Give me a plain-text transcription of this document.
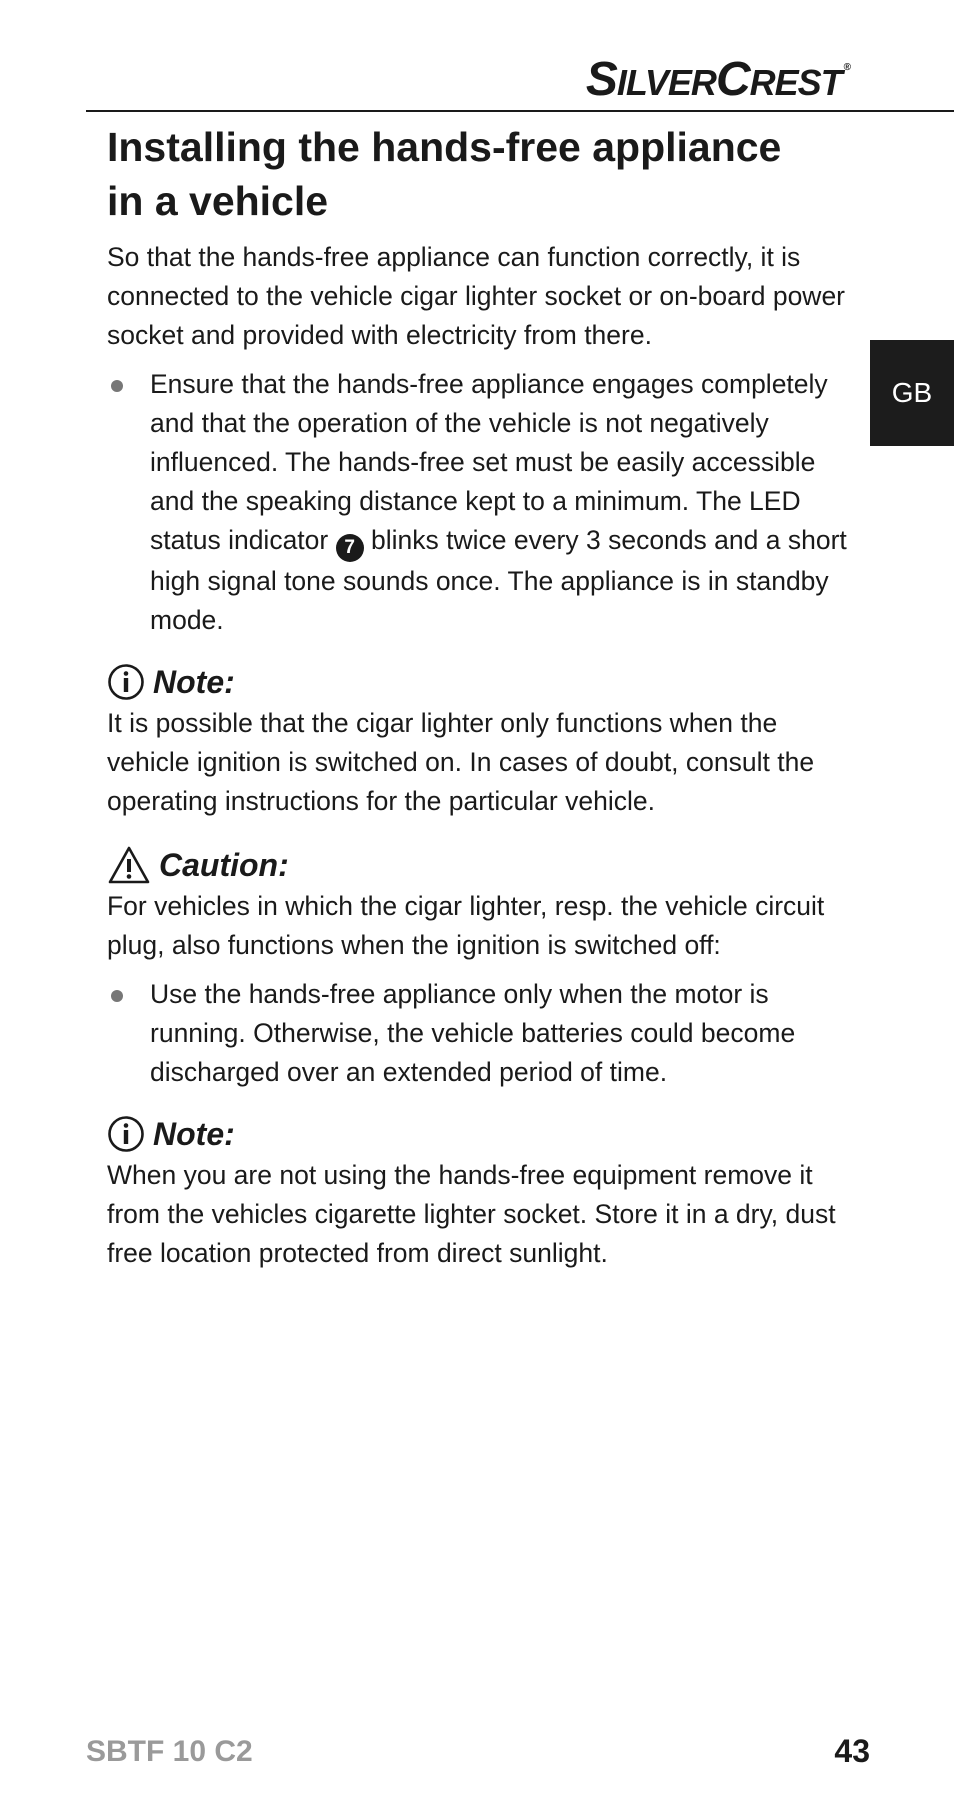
SILVERCREST ®
GB
Installing the hands-free appliance
in a vehicle

So that the hands-free appliance can function correctly, it is connected to the vehicle cigar lighter socket or on-board power socket and provided with electricity from there.

Ensure that the hands-free appliance engages completely and that the operation of the vehicle is not negatively influenced. The hands-free set must be easily accessible and the speaking distance kept to a minimum. The LED status indicator 7 blinks twice every 3 seconds and a short high signal tone sounds once. The appliance is in standby mode.
Note:

It is possible that the cigar lighter only functions when the vehicle ignition is switched on. In cases of doubt, consult the operating instructions for the particular vehicle.

Caution:

For vehicles in which the cigar lighter, resp. the vehicle circuit plug, also functions when the ignition is switched off:

Use the hands-free appliance only when the motor is running. Otherwise, the vehicle batteries could become discharged over an extended period of time.
Note:

When you are not using the hands-free equipment remove it from the vehicles cigarette lighter socket. Store it in a dry, dust free location protected from direct sunlight.

SBTF 10 C2	43
